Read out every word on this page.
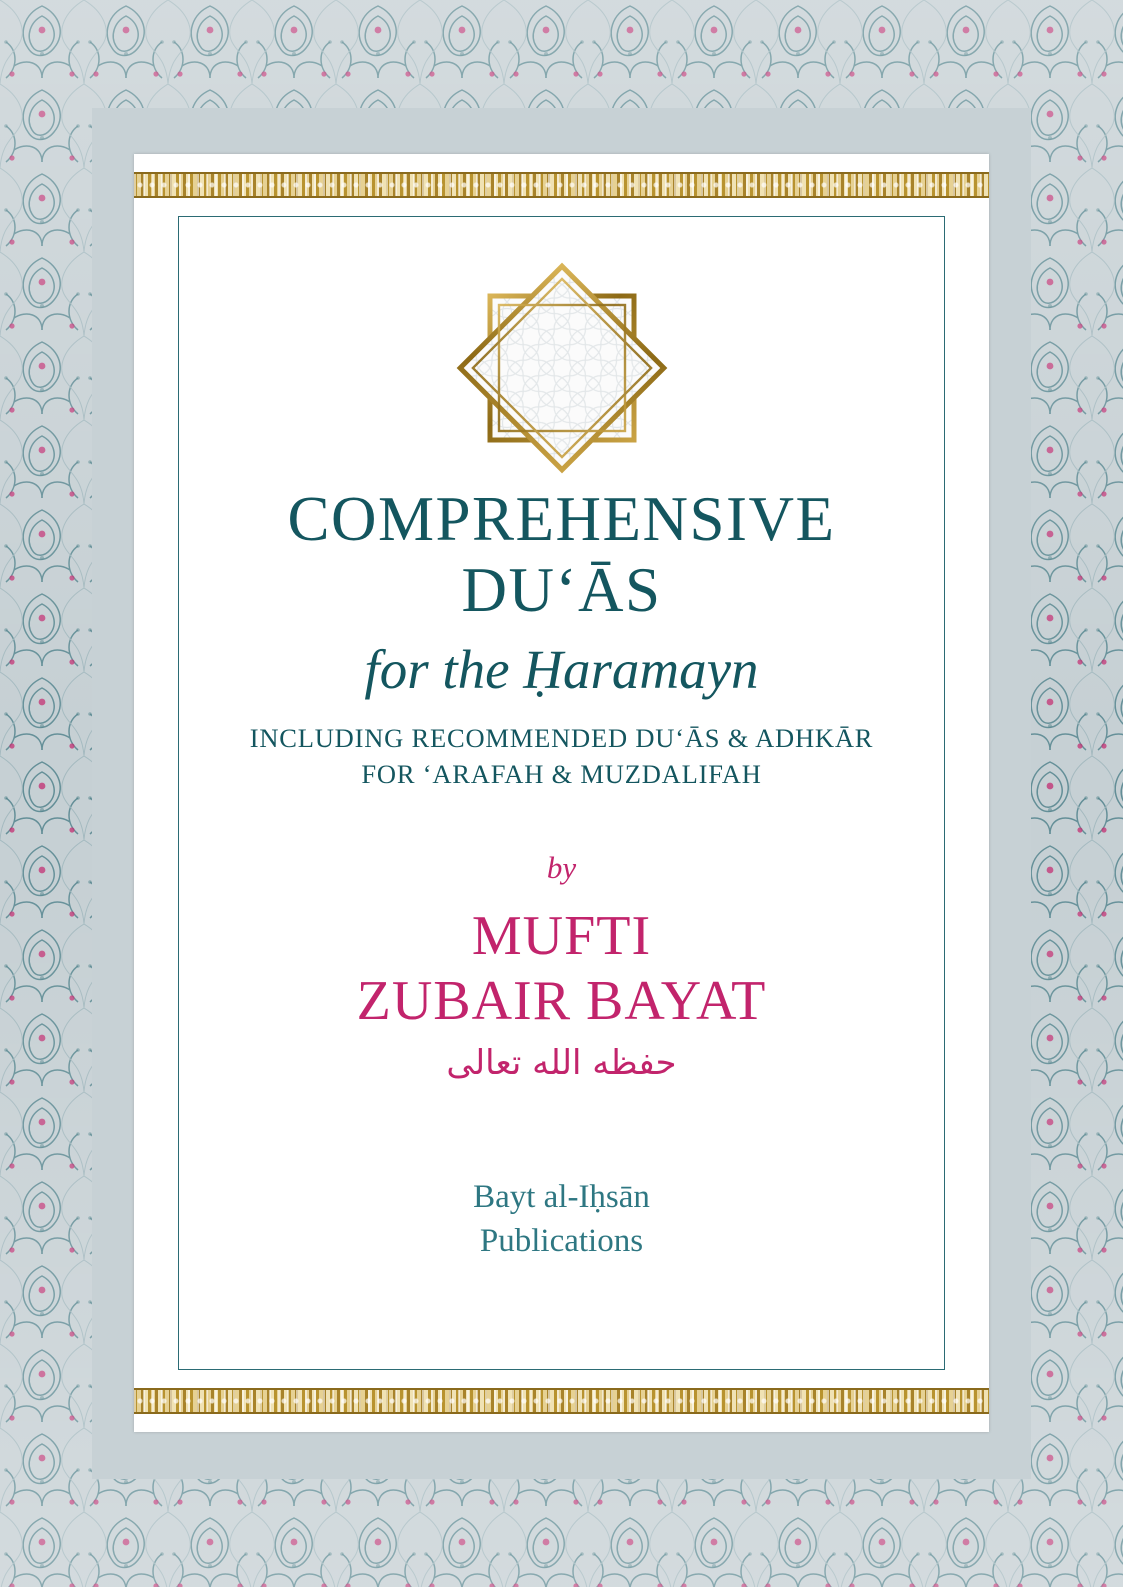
COMPREHENSIVE
DUʻĀS
for the Ḥaramayn
INCLUDING RECOMMENDED DUʻĀS & ADHKĀR
FOR ʻARAFAH & MUZDALIFAH
by
MUFTI
ZUBAIR BAYAT
حفظه الله تعالى
Bayt al-Iḥsān
Publications
